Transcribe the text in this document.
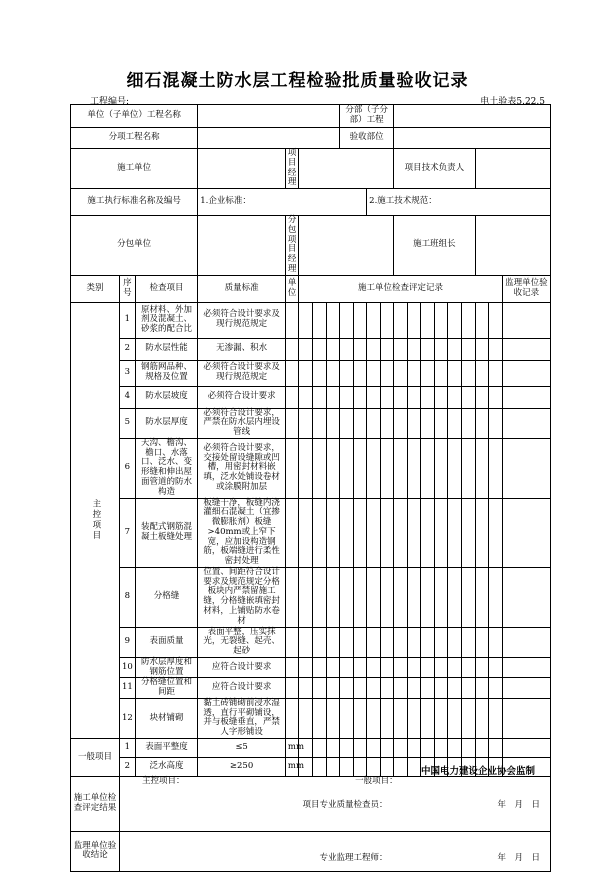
细石混凝土防水层工程检验批质量验收记录
工程编号:	电土验表5.22.5
单位（子单位）工程名称								分部（子分部）工程												
分项工程名称								验收部位												
施工单位				项目经理								项目技术负责人								
施工执行标准名称及编号			1.企业标准：							2.施工技术规范：										
分包单位				分包项目经理								施工班组长								
类别	序号	检查项目	质量标准	单位	施工单位检查评定记录															监理单位验收记录
主控项目	1	原材料、外加剂及混凝土、砂浆的配合比	必须符合设计要求及现行规范规定																	
	2	防水层性能	无渗漏、积水																	
	3	钢筋网品种、规格及位置	必须符合设计要求及现行规范规定																	
	4	防水层坡度	必须符合设计要求																	
	5	防水层厚度	必须符合设计要求，严禁在防水层内埋设管线																	
	6	天沟、檐沟、檐口、水落口、泛水、变形缝和伸出屋面管道的防水构造	必须符合设计要求，交接处留设缝隙或凹槽，用密封材料嵌填，泛水处铺设卷材或涂膜附加层																	
	7	装配式钢筋混凝土板缝处理	板缝干净，板缝内浇灌细石混凝土（宜掺微膨胀剂）板缝>40mm或上窄下宽，应加设构造钢筋，板端缝进行柔性密封处理																	
	8	分格缝	位置、间距符合设计要求及规范规定分格板块内严禁留施工缝，分格缝嵌填密封材料，上铺贴防水卷材																	
	9	表面质量	表面平整，压实抹光，无裂缝、起壳、起砂																	
	10	防水层厚度和钢筋位置	应符合设计要求																	
	11	分格缝位置和间距	应符合设计要求																	
	12	块材铺砌	黏土砖铺砌前浸水湿透，直行平砌铺设，并与板缝垂直，严禁人字形铺设																	
一般项目	1	表面平整度	≤5	mm																
	2	泛水高度	≥250	mm																
施工单位检查评定结果	主控项目： 一般项目：
项目专业质量检查员： 年　月　日																			

监理单位验收结论	专业监理工程师： 年　月　日																			
中国电力建设企业协会监制
